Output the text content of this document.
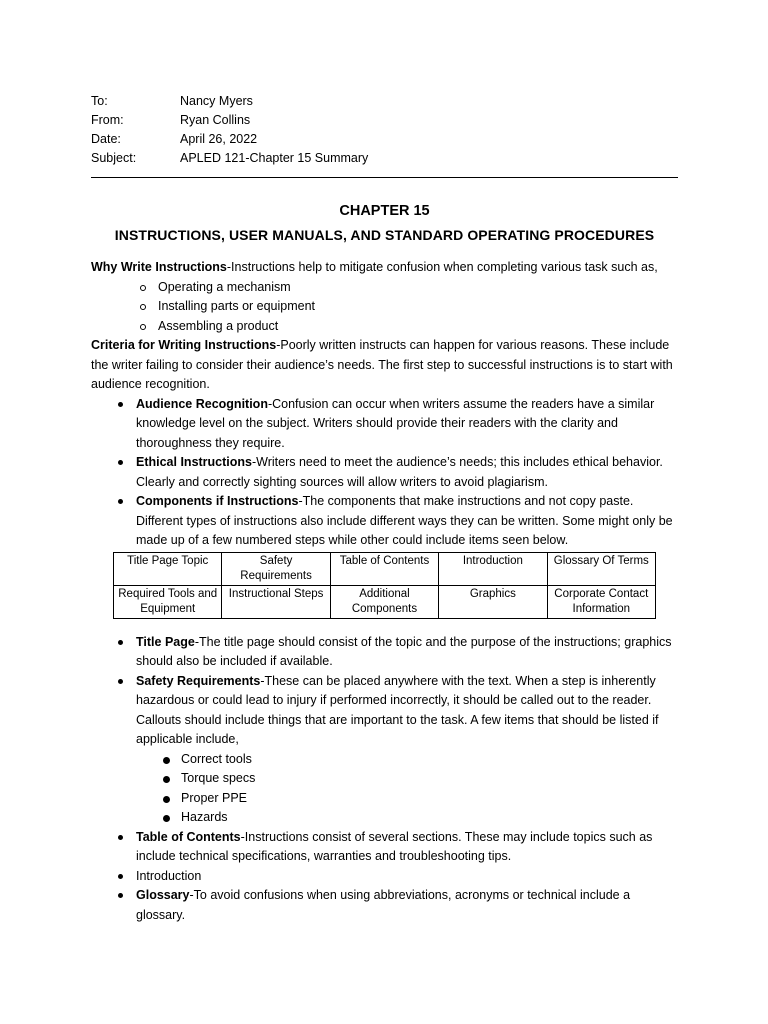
To:	Nancy Myers
From:	Ryan Collins
Date:	April 26, 2022
Subject:	APLED 121-Chapter 15 Summary
CHAPTER 15
INSTRUCTIONS, USER MANUALS, AND STANDARD OPERATING PROCEDURES
Why Write Instructions-Instructions help to mitigate confusion when completing various task such as,
Operating a mechanism
Installing parts or equipment
Assembling a product
Criteria for Writing Instructions-Poorly written instructs can happen for various reasons. These include the writer failing to consider their audience’s needs. The first step to successful instructions is to start with audience recognition.
Audience Recognition-Confusion can occur when writers assume the readers have a similar knowledge level on the subject. Writers should provide their readers with the clarity and thoroughness they require.
Ethical Instructions-Writers need to meet the audience’s needs; this includes ethical behavior. Clearly and correctly sighting sources will allow writers to avoid plagiarism.
Components if Instructions-The components that make instructions and not copy paste. Different types of instructions also include different ways they can be written. Some might only be made up of a few numbered steps while other could include items seen below.
Title Page Topic	Safety Requirements	Table of Contents	Introduction	Glossary Of Terms
Required Tools and Equipment	Instructional Steps	Additional Components	Graphics	Corporate Contact Information
Title Page-The title page should consist of the topic and the purpose of the instructions; graphics should also be included if available.
Safety Requirements-These can be placed anywhere with the text. When a step is inherently hazardous or could lead to injury if performed incorrectly, it should be called out to the reader. Callouts should include things that are important to the task. A few items that should be listed if applicable include,
Correct tools
Torque specs
Proper PPE
Hazards
Table of Contents-Instructions consist of several sections. These may include topics such as include technical specifications, warranties and troubleshooting tips.
Introduction
Glossary-To avoid confusions when using abbreviations, acronyms or technical include a glossary.
